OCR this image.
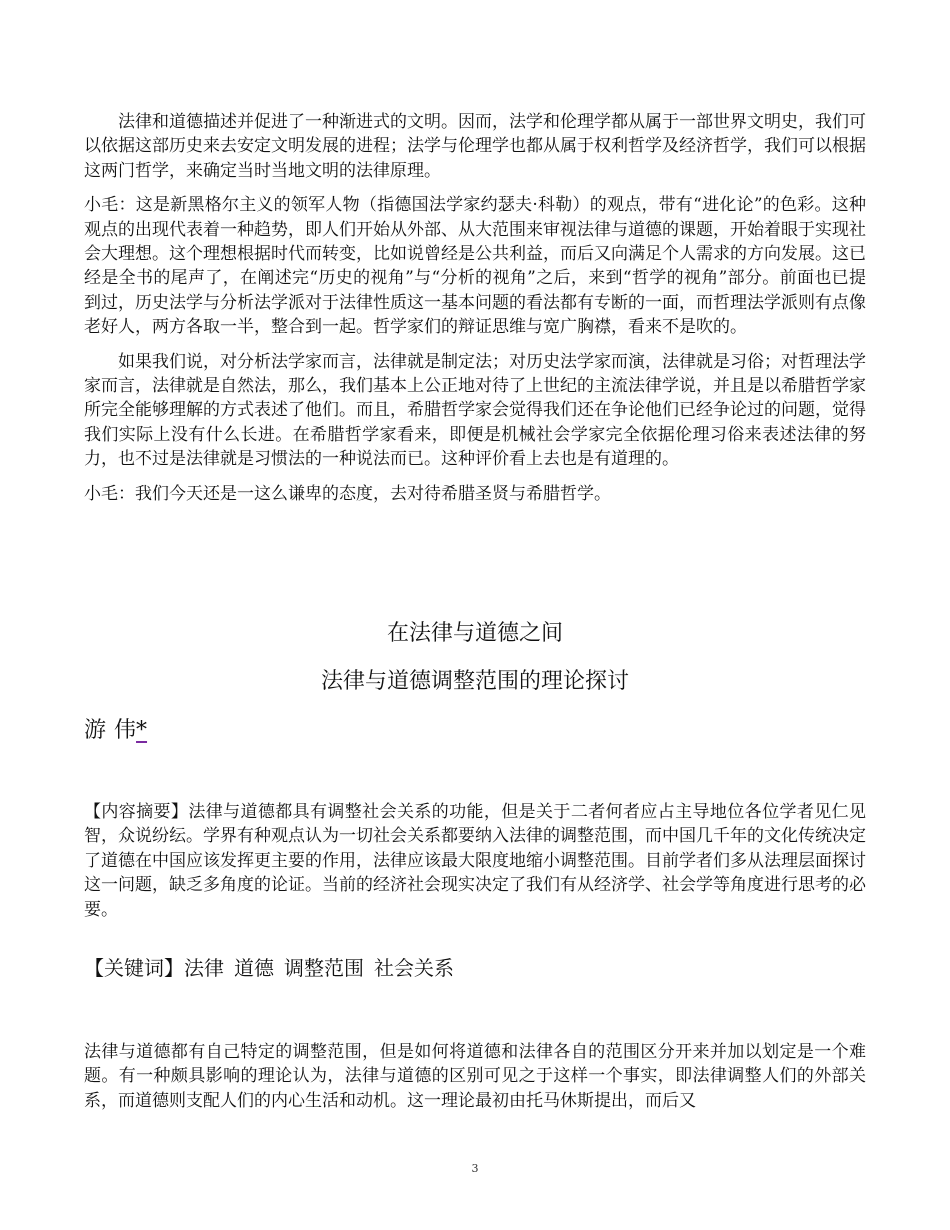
法律和道德描述并促进了一种渐进式的文明。因而，法学和伦理学都从属于一部世界文明史，我们可以依据这部历史来去安定文明发展的进程；法学与伦理学也都从属于权利哲学及经济哲学，我们可以根据这两门哲学，来确定当时当地文明的法律原理。

小毛：这是新黑格尔主义的领军人物（指德国法学家约瑟夫·科勒）的观点，带有“进化论”的色彩。这种观点的出现代表着一种趋势，即人们开始从外部、从大范围来审视法律与道德的课题，开始着眼于实现社会大理想。这个理想根据时代而转变，比如说曾经是公共利益，而后又向满足个人需求的方向发展。这已经是全书的尾声了，在阐述完“历史的视角”与“分析的视角”之后，来到“哲学的视角”部分。前面也已提到过，历史法学与分析法学派对于法律性质这一基本问题的看法都有专断的一面，而哲理法学派则有点像老好人，两方各取一半，整合到一起。哲学家们的辩证思维与宽广胸襟，看来不是吹的。

如果我们说，对分析法学家而言，法律就是制定法；对历史法学家而演，法律就是习俗；对哲理法学家而言，法律就是自然法，那么，我们基本上公正地对待了上世纪的主流法律学说，并且是以希腊哲学家所完全能够理解的方式表述了他们。而且，希腊哲学家会觉得我们还在争论他们已经争论过的问题，觉得我们实际上没有什么长进。在希腊哲学家看来，即便是机械社会学家完全依据伦理习俗来表述法律的努力，也不过是法律就是习惯法的一种说法而已。这种评价看上去也是有道理的。

小毛：我们今天还是一这么谦卑的态度，去对待希腊圣贤与希腊哲学。

在法律与道德之间
法律与道德调整范围的理论探讨
游 伟*

【内容摘要】法律与道德都具有调整社会关系的功能，但是关于二者何者应占主导地位各位学者见仁见智，众说纷纭。学界有种观点认为一切社会关系都要纳入法律的调整范围，而中国几千年的文化传统决定了道德在中国应该发挥更主要的作用，法律应该最大限度地缩小调整范围。目前学者们多从法理层面探讨这一问题，缺乏多角度的论证。当前的经济社会现实决定了我们有从经济学、社会学等角度进行思考的必要。

【关键词】法律 道德 调整范围 社会关系

法律与道德都有自己特定的调整范围，但是如何将道德和法律各自的范围区分开来并加以划定是一个难题。有一种颇具影响的理论认为，法律与道德的区别可见之于这样一个事实，即法律调整人们的外部关系，而道德则支配人们的内心生活和动机。这一理论最初由托马休斯提出，而后又

3
